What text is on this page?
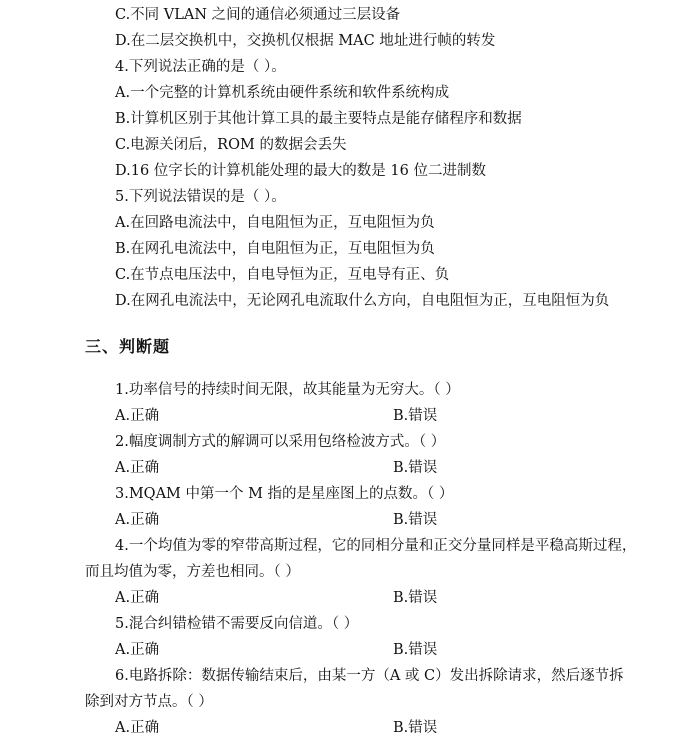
C.不同 VLAN 之间的通信必须通过三层设备
D.在二层交换机中，交换机仅根据 MAC 地址进行帧的转发
4.下列说法正确的是（ ）。
A.一个完整的计算机系统由硬件系统和软件系统构成
B.计算机区别于其他计算工具的最主要特点是能存储程序和数据
C.电源关闭后，ROM 的数据会丢失
D.16 位字长的计算机能处理的最大的数是 16 位二进制数
5.下列说法错误的是（ ）。
A.在回路电流法中，自电阻恒为正，互电阻恒为负
B.在网孔电流法中，自电阻恒为正，互电阻恒为负
C.在节点电压法中，自电导恒为正，互电导有正、负
D.在网孔电流法中，无论网孔电流取什么方向，自电阻恒为正，互电阻恒为负
三、判断题
1.功率信号的持续时间无限，故其能量为无穷大。（ ）
A.正确	B.错误
2.幅度调制方式的解调可以采用包络检波方式。（ ）
A.正确	B.错误
3.MQAM 中第一个 M 指的是星座图上的点数。（ ）
A.正确	B.错误
4.一个均值为零的窄带高斯过程，它的同相分量和正交分量同样是平稳高斯过程，
而且均值为零，方差也相同。（ ）
A.正确	B.错误
5.混合纠错检错不需要反向信道。（ ）
A.正确	B.错误
6.电路拆除：数据传输结束后，由某一方（A 或 C）发出拆除请求，然后逐节拆
除到对方节点。（ ）
A.正确	B.错误
